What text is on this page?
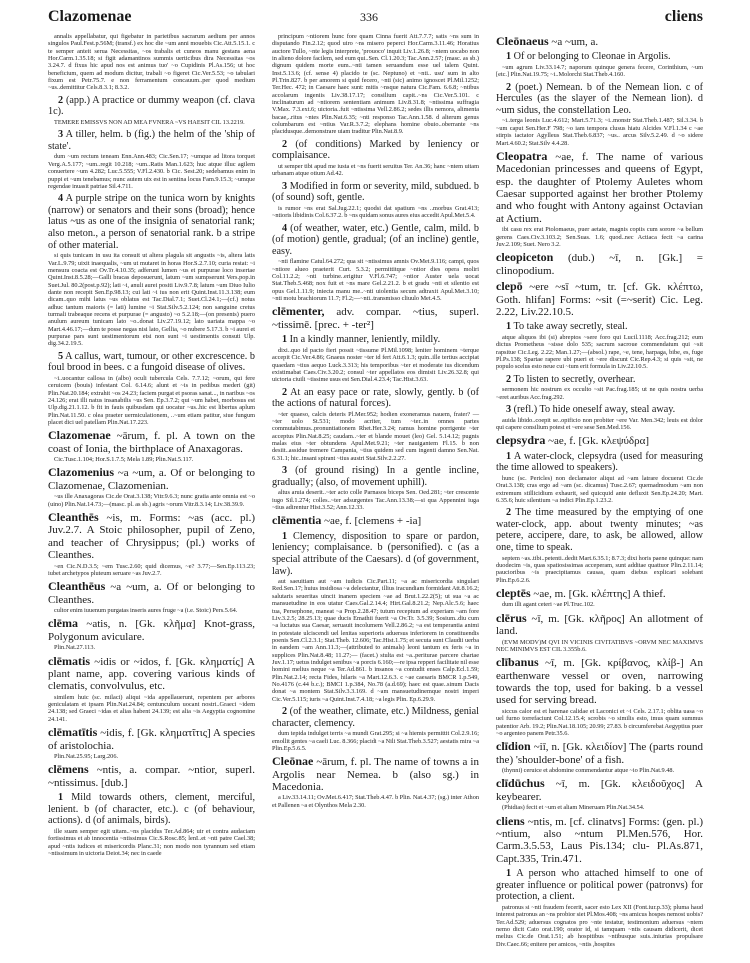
Clazomenae	336	cliens
annalis appellabatur, qui figebatur in parietibus sacrarum aedium per annos singulos Paul.Fest.p.56M; (transf.) ex hoc die ~um anni mouebis Cic.Att.5.15.1. c te semper anteit serua Necessitas, ~os trabalis et cuneos manu gestans aena Hor.Carm.1.35.18; si figit adamantinos summis uerticibus dira Necessitas ~os 3.24.7. d fixus hic apud nos est animus tuo' ~o Cupidinis Pl.As.156; ut hoc beneficium, quem ad modum dicitur, trabali ~o figeret Cic.Ver.5.53; ~o tabulari fixum est Petr.75.7. e non ferramentum concauum..per quod medium ~us..demittitur Cels.8.3.1; 8.3.2.
2 (app.) A practice or dummy weapon (cf. clava 1c).
TEMERE EMISSVS NON AD MEA FVNERA ~VS HAESIT CIL 13.2219.
3 A tiller, helm. b (fig.) the helm of the 'ship of state'.
dum ~um rectum teneam Enn.Ann.483; Cic.Sen.17; ~umque ad litora torquet Verg.A.5.177; ~um..regit 10.218; ~um..Ratis Man.1.623; huc atque illuc agilem conuertere ~um 4.282; Luc.5.555; V.Fl.2.430. b Cic. Sest.20; sedebamus enim in puppi et ~um tenebamus; nunc autem uix est in sentina locus Fam.9.15.3; ~umque regendae inuasit patriae Sil.4.711.
4 A purple stripe on the tunica worn by knights (narrow) or senators and their sons (broad); hence latus ~us as one of the insignia of senatorial rank; also meton., a person of senatorial rank. b a stripe of other material.
si quis tunicam in usu ita consuit ut altera plagula sit angustis ~is, altera latis Var.L.9.79; uixit inaequalis, ~um ut mutaret in horas Hor.S.2.7.10; curia restat: ~i mensura coacta est Ov.Tr.4.10.35; adferunt lumen ~us et purpurae loco insertae Quint.Inst.8.5.28;—Galli bracas deposuerunt, latum ~um sumpserunt Vers.pop.in Suet.Jul. 80.2(post.p.92); lati ~i, anuli aurei positi Liv.9.7.8; latum ~um Diuo Iulio dante non recepit Sen.Ep.98.13; cui lati ~i ius non erit Quint.Inst.11.3.138; eum dicam..quo mihi latus ~us oblatus est Tac.Dial.7.1; Suet.Cl.24.1;—(cf.) notus adhuc tantum maioris (= lati) lumine ~i Stat.Silv.5.2.124; non sanguine cretus turmali trabeaque recens et purpurae (= angusto) ~o 5.2.18;—(on presents) puero anulum aureum tunicam lato ~o..donat Liv.27.19.12; lato uariata mappa ~o Mart.4.46.17;—dum te posse negas nisi lato, Gellia, ~o nubere 5.17.3. b ~i aurei et purpurae pars sunt uestimentorum etsi non sunt ~i uestimentis consuti Ulp. dig.34.2.19.5.
5 A callus, wart, tumour, or other excrescence. b foul brood in bees. c a fungoid disease of olives.
~i..uocantur callosa in (albo) oculi tubercula Cels. 7.7.12; ~orum, qui fere ceruicem (bouis) infestant Col. 6.14.6; alunt et ~is in pedibus mederi (git) Plin.Nat.20.184; extrahit ~os 24.23; faciem purgat et psoras sanat..., in naribus ~os 24.126; erat illi natus insanabilis ~us Sen. Ep.3.7.2; qui ~um habet, morbosus est Ulp.dig.21.1.12. b fit in fauis quibusdam qui uocatur ~us..hic est libertus aplum Plin.Nat.11.50. c olea praeter uermiculationem, ..~um etiam patitur, siue fungum placet dici uel patellam Plin.Nat.17.223.
Clazomenae ~ārum, f. pl. A town on the coast of Ionia, the birthplace of Anaxagoras.
Cic.Tusc.1.104; Hor.S.1.7.5; Mela 1.89; Plin.Nat.5.117.
Clazomenius ~a ~um, a. Of or belonging to Clazomenae, Clazomenian.
~us ille Anaxagoras Cic.de Orat.3.138; Vitr.9.6.3; nunc gratia ante omnia est ~o (uino) Plin.Nat.14.73;—(masc. pl. as sb.) agris ~orum Vitr.8.3.14; Liv.38.39.9.
Cleanthēs ~is, m. Forms: ~as (acc. pl.) Juv.2.7. A Stoic philosopher, pupil of Zeno, and teacher of Chrysippus; (pl.) works of Cleanthes.
~en Cic.N.D.3.5; ~em Tusc.2.60; quid dicemus, ~e? 3.77;—Sen.Ep.113.23; iubet archetypos pluteum seruare ~as Juv.2.7.
Cleanthēus ~a ~um, a. Of or belonging to Cleanthes.
cultor enim iuuenum purgatas inseris aures fruge ~a (i.e. Stoic) Pers.5.64.
clēma ~atis, n. [Gk. κλῆμα] Knot-grass, Polygonum aviculare.
Plin.Nat.27.113.
clēmatis ~idis or ~idos, f. [Gk. κληματίς] A plant name, app. covering various kinds of clematis, convolvulus, etc.
similem huic (sc. milaci) aliqui ~ida appellauerunt, repentem per arbores geniculatam et ipsam Plin.Nat.24.84; centunculum uocant nostri..Graeci ~idem 24.138; sed Graeci ~idas et alias habent 24.139; est alia ~is Aegyptia cognomine 24.141.
clēmatītis ~idis, f. [Gk. κληματῖτις] A species of aristolochia.
Plin.Nat.25.95; Larg.206.
clēmens ~ntis, a. compar. ~ntior, superl. ~ntissimus. [dub.]
1 Mild towards others, clement, merciful, lenient. b (of character, etc.). c (of behaviour, actions). d (of animals, birds).
ille suam semper egit uitam..~ns placidus Ter.Ad.864; uir et contra audaciam fortissimus et ab innocentia ~ntissimus Cic.S.Rosc.85; lenI..et ~nti patre Cael.38; apud ~ntis iudices et misericordis Planc.31; non modo non tyrannum sed etiam ~ntissimum in uictoria Deiot.34; nec in caede
principum ~ntiorem hunc fore quam Cinna fuerit Att.7.7.7; satis ~ns sum in disputando Fin.2.12; quod uiro ~ns misero peperci Hor.Carm.3.11.46; Horatius auctore Tullo, ~nte legis interprete, 'prouoco' inquit Liv.1.26.8; ~ntem uocabo non in alieno dolore facilem, sed eum qui..Sen. Cl.1.20.3; Tac.Ann.2.57; (masc. as sb.) dignum quidem morte eum..~nti tamen seruandum esse uel talem Quint. Inst.5.13.6; (cf. sense 4) placido te (sc. Neptuno) et ~nti.. usu' sum in alto Pl.Trin.827. b per amorem si quid fecero, ~nti (sic) animo ignoscet Pl.Mil.1252; Ter.Hec. 472; in Caesare haec sunt: mitis ~nsque natura Cic.Fam. 6.6.8; ~ntibus accolarum ingeniis Liv.38.17.17; consilium capit..~ns Cic.Ver.5.101. c inclinaturum ad ~ntiorem sententiam animum Liv.8.31.8; ~ntissima suffragia V.Max. 7.3.ext.6; uictoria..fuit ~ntissima Vell.2.86.2; sedes illis nemora, alimenta bacae,..ritus ~ntes Plin.Nat.6.35; ~nti responso Tac.Ann.1.58. d alterum genus columbarum est ~ntius Var.R.3.7.2; elephans homine obuio..oberrante ~ns placidusque..demonstrare uiam traditur Plin.Nat.8.9.
2 (of conditions) Marked by leniency or complaisance.
ut semper tibi apud me iusta et ~ns fuerit seruitus Ter. An.36; hanc ~ntem uitam urbanam atque otium Ad.42.
3 Modified in form or severity, mild, subdued. b (of sound) soft, gentle.
is rumor ~ns erat Sal.Jug.22.1; quodsi dat spatium ~ns ..morbus Grat.413; ~ntioris libidinis Col.6.37.2. b ~ns quidam sonus aures eius accedit Apul.Met.5.4.
4 (of weather, water, etc.) Gentle, calm, mild. b (of motion) gentle, gradual; (of an incline) gentle, easy.
~nti flamine Catul.64.272; qua sit ~ntissimus amnis Ov.Met.9.116; campi, quos ~ntiore alueo praeterit Curt. 5.3.2; permittitque ~ntior dies opera moliri Col.11.2.2; ~nti turbine..erigitur V.Fl.6.747; ~ntior Auster uela uocat Stat.Theb.5.468; nox fuit et ~ns mare Gel.2.21.2. b et gradu ~nti et silentio est opus Gel.1.11.9; iniecta manu me..~nti uiolentia secum adtraxit Apul.Met.3.10; ~nti motu brachiorum 11.7; Fl.2;—~nti..transmisso cliuulo Met.4.5.
clēmenter, adv. compar. ~tius, superl. ~tissimē. [prec. + -ter²]
1 In a kindly manner, leniently, mildly.
dixi..quo id pacto fieri possit ~tissume Pl.Mil.1098; leniter hominem ~terque accepit Cic.Ver.4.86; Gnaeus noster ~ter id fert Att.6.1.3; quin..ille tertius accipiat quaedam ~tius aequo Luck.3.313; his temporibus ~ter et moderate ius dicendum existimabat Caes.Civ.3.20.2; consul ~ter appellatos eos dimisit Liv.26.32.8; qui uictoria ciuili ~tissime usus est Sen.Dial.4.23.4; Tac.Hist.3.63.
2 At an easy pace or rate, slowly, gently. b (of the actions of natural forces).
~ter quaeso, calcis deteris Pl.Mer.952; hodien exoneramus nauem, frater? — ~ter uolo St.531; modo acriter, tum ~ter..in omnes partes commutabimus..pronuntiationem Rhet.Her.3.24; ramus homine porrigente ~ter acceptus Plin.Nat.8.25; caudam..~ter et blande mouet (leo) Gel. 5.14.12; pugnis malas eius ~ter obtundens Apul.Met.9.21; ~ter nauigantem Fl.15. b non desiit..assidue tremere Campania, ~tius quidem sed cum ingenti damno Sen.Nat. 6.31.1; hic..insani spirant ~tius austri Stat.Silv.2.2.27.
3 (of ground rising) In a gentle incline, gradually; (also, of movement uphill).
altus aruia deserit..~ter acto colle Parnasos biceps Sen. Oed.281; ~ter crescente iugo Sil.1.274; colles..~ter adsurgentes Tac.Ann.13.38;—si qua Appennini iuga ~tius adirentur Hist.3.52; Ann.12.33.
clēmentia ~ae, f. [clemens + -ia]
1 Clemency, disposition to spare or pardon, leniency; complaisance. b (personified). c (as a special attribute of the Caesars). d (of government, law).
aut saeuitiam aut ~am iudicis Cic.Part.11; ~a ac misericordia singulari Red.Sen.17; huius insidiosa ~a delectantur, illius iracundiam formidant Att.8.16.2; salutaris seueritas uincit inanem speciem ~ae ad Brut.1.22.2(5); ut sua ~a ac mansuetudine in eos utatur Caes.Gal.2.14.4; Hirt.Gal.8.21.2; Nep.Alc.5.6; haec tua, Persephone, maneat ~a Prop.2.28.47; tutum receptum ad experiam ~am fore Liv.3.2.5; 28.25.13; quae ducis Emathii fuerit ~a Ov.Tr. 3.5.39; Sosium..diu cum ~a luctatus sua Caesar, seruauit incolumem Vell.2.86.2; ~a est temperantia animi in potestate ulciscendi uel lenitas superioris aduersus inferiorem in constituendis poenis Sen.Cl.2.3.1; Stat.Theb. 12.606; Tac.Hist.1.75; et secuta sunt Claudii uerba in eandem ~am Ann.11.3;—(attributed to animals) leoni tantum ex feris ~a in supplices Plin.Nat.8.48; 11.27;— (facet.) stulta est ~a..periturae parcere chartae Juv.1.17; uetus indulget senibus ~a porcis 6.160;—re ipsa repperi facilitate nil esse homini melius neque ~a Ter.Ad.861. b insanos ~a contudit enses Calp.Ecl.1.59; Plin.Nat.2.14; recta Fides, hilaris ~a Mart.12.6.3. c ~ae caesaris BMCR 1.p.549, No.4176 (c.44 b.c.); BMCI 1.p.384, No.78 (a.d.69); haec est quae..sinum Dacis donat ~a montem Stat.Silv.3.3.169. d ~am mansuetudinemque nostri imperi Cic.Ver.5.115; iuris ~a Quint.Inst.7.4.18; ~a legis Plin. Ep.6.29.9.
2 (of the weather, climate, etc.) Mildness, genial character, clemency.
dum tepida indulget terris ~a mundi Grat.295; si ~a hiemis permittit Col.2.9.16; emollit gentes ~a caeli Luc. 8.366; placidi ~a Nili Stat.Theb.3.527; aestatis mira ~a Plin.Ep.5.6.5.
Cleōnae ~ārum, f. pl. The name of towns a in Argolis near Nemea. b (also sg.) in Macedonia.
a Liv.33.14.11; Ov.Met.6.417; Stat.Theb.4.47. b Plin. Nat.4.37; (sg.) inter Athon et Pallenen ~a et Olynthos Mela 2.30.
Cleōnaeus ~a ~um, a.
1 Of or belonging to Cleonae in Argolis.
~um agrum Liv.33.14.7; naporum quinque genera fecere, Corinthium, ~um [etc.] Plin.Nat.19.75; ~i..Molorchi Stat.Theb.4.160.
2 (poet.) Nemean. b of the Nemean lion. c of Hercules (as the slayer of the Nemean lion). d ~um sidus, the constellation Leo.
~i..terga leonis Luc.4.612; Mart.5.71.3; ~i..monstr Stat.Theb.1.487; Sil.3.34. b ~um caput Sen.Her.F 798; ~o iam tempora clusus hiatu Alcides V.Fl.1.34 c ~ae stirpis iactator Agylleus Stat.Theb.6.837; ~us.. arcus Silv.5.2.49. d ~o sidere Mart.4.60.2; Stat.Silv 4.4.28.
Cleopatra ~ae, f. The name of various Macedonian princesses and queens of Egypt, esp. the daughter of Ptolemy Auletes whom Caesar supported against her brother Ptolemy and who fought with Antony against Octavian at Actium.
ibi casu rex erat Ptolomaeus, puer aetate, magnis copiis cum sorore ~a bellum gerens Caes.Civ.3.103.2; Sen.Suas. 1.6; quod..nec Actiaca fecit ~a carina Juv.2.109; Suet. Nero 3.2.
cleopiceton (dub.) ~ī, n. [Gk.] = clinopodium.
clepō ~ere ~sī ~tum, tr. [cf. Gk. κλέπτω, Goth. hlifan] Forms: ~sit (=~serit) Cic. Leg. 2.22, Liv.22.10.5.
1 To take away secretly, steal.
atque aliquos ibi (si) abreptos ~sere foro qui Lucil.1118; Acc.frag.212; eum dictus Prometheus ~sisse dolo 535; sacrum sacroue commendatum qui ~sit rapsitue Cic.Leg. 2.22; Man.1.27;—(absol.) rape, ~e, tene, harpaga, bibe, es, fuge Pl.Ps.138; Spartae rapere ubi pueri et ~ere discunt Cic.Rep.4.3; si quis ~sit, ne populo scelus esto neue cui ~tum erit formula in Liv.22.10.5.
2 To listen to secretly, overhear.
sermonem hic nostrum ex occulto ~sit Pac.frag.185; ut ne quis nostra uerba ~eret auribus Acc.frag.292.
3 (refl.) To hide oneself away, steal away.
auida libido..coepit se..opificio non probiter ~ere Var. Men.342; leuis est dolor qui capere consilium potest et ~ere sese Sen.Med.156.
clepsydra ~ae, f. [Gk. κλεψύδρα]
1 A water-clock, clepsydra (used for measuring the time allowed to speakers).
hunc (sc. Pericles) non declamator aliqui ad ~am latrare docuerat Cic.de Orat.3.138; cras ergo ad ~am (sc. dicamus) Tusc.2.67; quemadmodum ~am non extremum stillicidium exhaurit, sed quicquid ante defluxit Sen.Ep.24.20; Mart. 6.35.6; huic silentium ~a indici Plin.Ep.1.23.2.
2 The time measured by the emptying of one water-clock, app. about twenty minutes; ~as petere, accipere, dare, to ask, be allowed, allow one, time to speak.
septem ~as..tibi..petenti..dedit Mart.6.35.1; 8.7.3; dixi horis paene quinque: nam duodecim ~is, quas spatiosissimas acceperam, sunt additae quattuor Plin.2.11.14; paucioribus ~is praecipitamus causas, quam diebus explicari solebant Plin.Ep.6.2.6.
cleptēs ~ae, m. [Gk. κλέπτης] A thief.
dum illi agant ceteri ~ae Pl.Truc.102.
clērus ~ī, m. [Gk. κλῆρος] An allotment of land.
(EVM MODV)M QVI IN VICINIS CIVITATIBVS ~ORVM NEC MAXIMVS NEC MINIMVS EST CIL 3.355b.6.
clībanus ~ī, m. [Gk. κρίβανος, κλίβ-] An earthenware vessel or oven, narrowing towards the top, used for baking. b a vessel used for serving bread.
siccus calor est et harenae calidae et Laconici et ~i Cels. 2.17.1; oblita uasa ~o uel furno torrefaciunt Col.12.15.4; scrobis ~o similis esto, imus quam summus patentior Arb. 19.2; Plin.Nat.18.105; 20.99; 27.83. b circumferebat Aegyptius puer ~o argenteo panem Petr.35.6.
clīdion ~iī, n. [Gk. κλειδίον] The (parts round the) 'shoulder-bone' of a fish.
(thynni) ceruice et abdomine commendantur atque ~io Plin.Nat.9.48.
clīdūchus ~ī, m. [Gk. κλειδοῦχος] A keybearer.
(Phidias) fecit et ~um et aliam Mineruam Plin.Nat.34.54.
cliens ~ntis, m. [cf. clinatvs] Forms: (gen. pl.) ~ntium, also ~ntum Pl.Men.576, Hor. Carm.3.5.53, Laus Pis.134; clu- Pl.As.871, Capt.335, Trin.471.
1 A person who attached himself to one of greater influence or political power (patronvs) for protection, a client.
patronus si ~nti fraudem fecerit, sacer esto Lex XII (Font.iur.p.33); pluma haud interest patronus an ~ns probior siet Pl.Mos.408; ~ns amicus hospes nemost uobis? Ter.Ad.529; aduersus cognatos pro ~nte testatur, testimonium aduersus ~ntem nemo dicit Cato orat.190; orator id, si tamquam ~ntis causam didicerit, dicet melius Cic.de Orat.1.51; ab hospitibus ~ntibusque suis..iniurias propulsare Div.Caec.66; enitere per amicos, ~ntis ,hospites
